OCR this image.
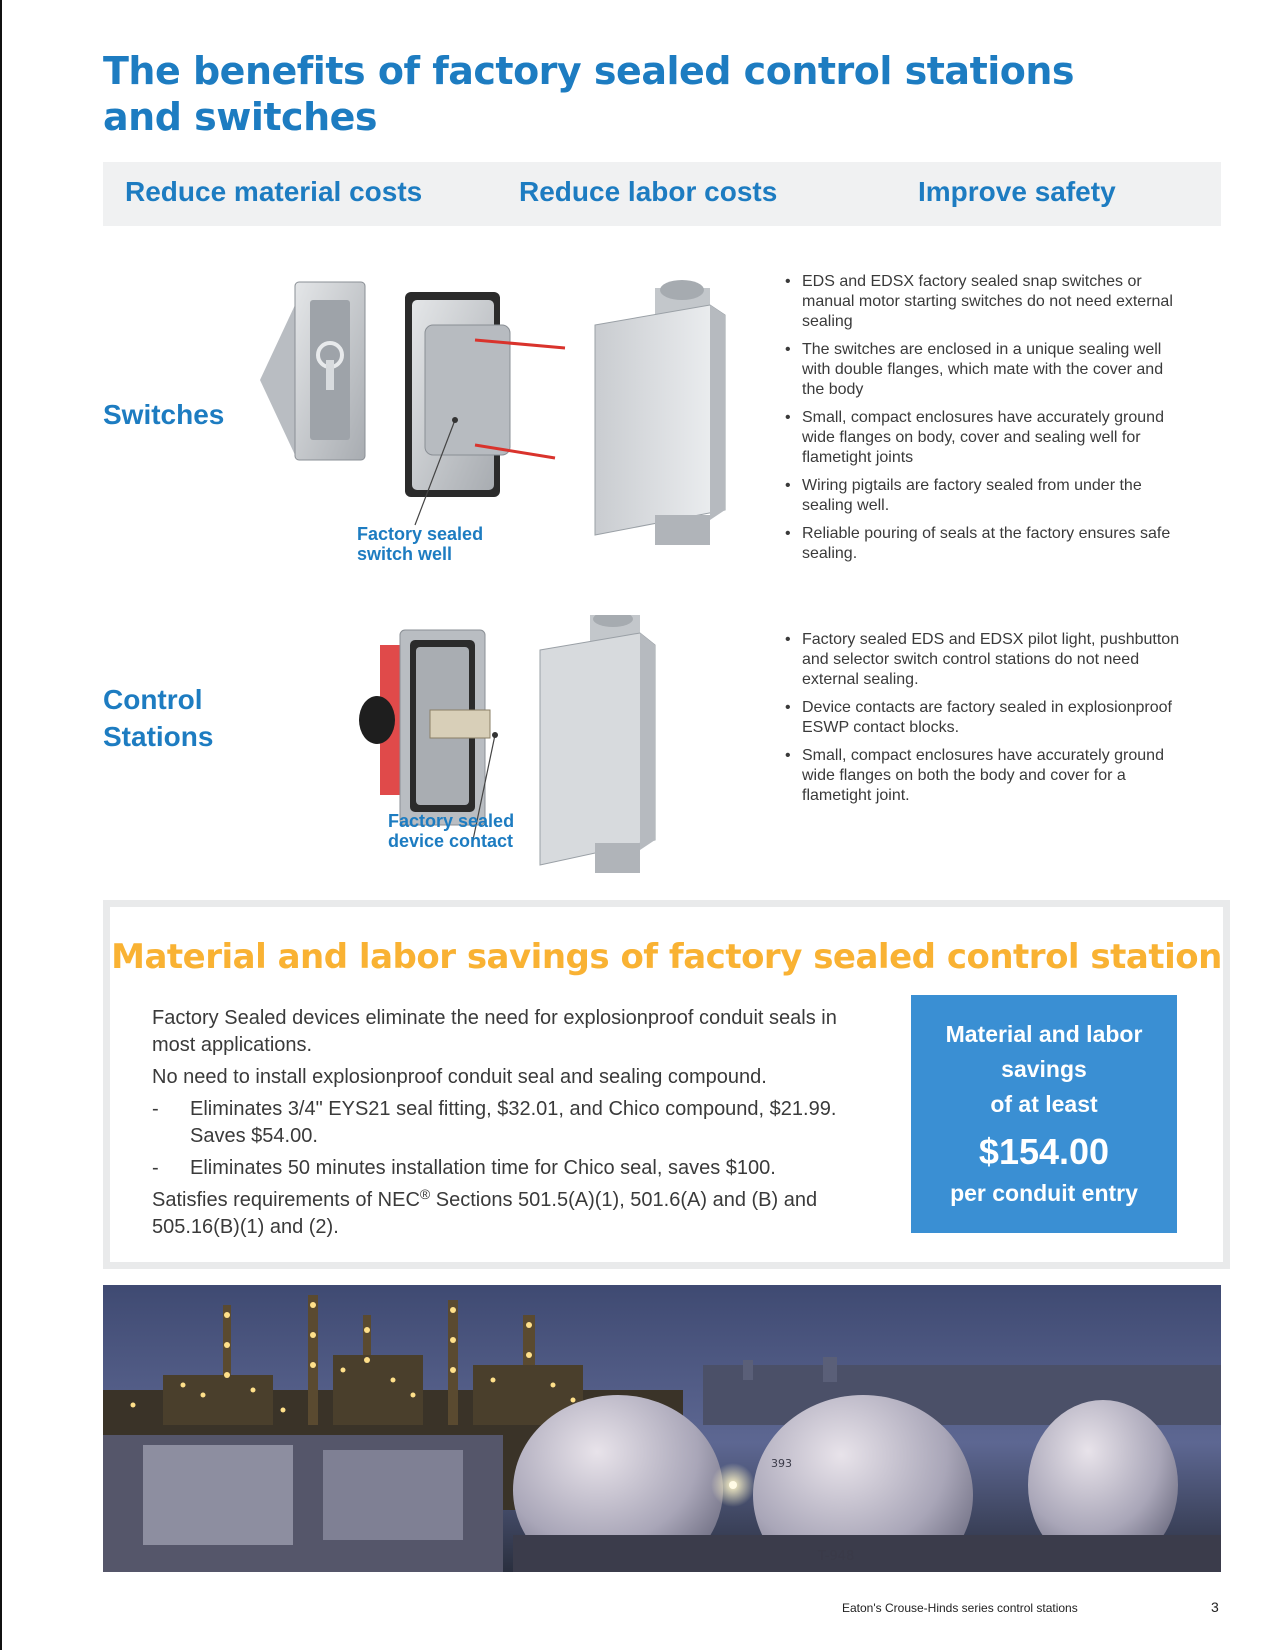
The benefits of factory sealed control stations and switches
Reduce material costs	Reduce labor costs	Improve safety
Switches
Factory sealed
switch well
• EDS and EDSX factory sealed snap switches or manual motor starting switches do not need external sealing
• The switches are enclosed in a unique sealing well with double flanges, which mate with the cover and the body
• Small, compact enclosures have accurately ground wide flanges on body, cover and sealing well for flametight joints
• Wiring pigtails are factory sealed from under the sealing well.
• Reliable pouring of seals at the factory ensures safe sealing.
Control
Stations
Factory sealed
device contact
• Factory sealed EDS and EDSX pilot light, pushbutton and selector switch control stations do not need external sealing.
• Device contacts are factory sealed in explosionproof ESWP contact blocks.
• Small, compact enclosures have accurately ground wide flanges on both the body and cover for a flametight joint.
Material and labor savings of factory sealed control station

Factory Sealed devices eliminate the need for explosionproof conduit seals in most applications.

No need to install explosionproof conduit seal and sealing compound.

- Eliminates 3/4" EYS21 seal fitting, $32.01, and Chico compound, $21.99. Saves $54.00.
- Eliminates 50 minutes installation time for Chico seal, saves $100.

Satisfies requirements of NEC® Sections 501.5(A)(1), 501.6(A) and (B) and 505.16(B)(1) and (2).

Material and labor
savings
of at least
$154.00
per conduit entry
T-948
393
Eaton's Crouse-Hinds series control stations	3
